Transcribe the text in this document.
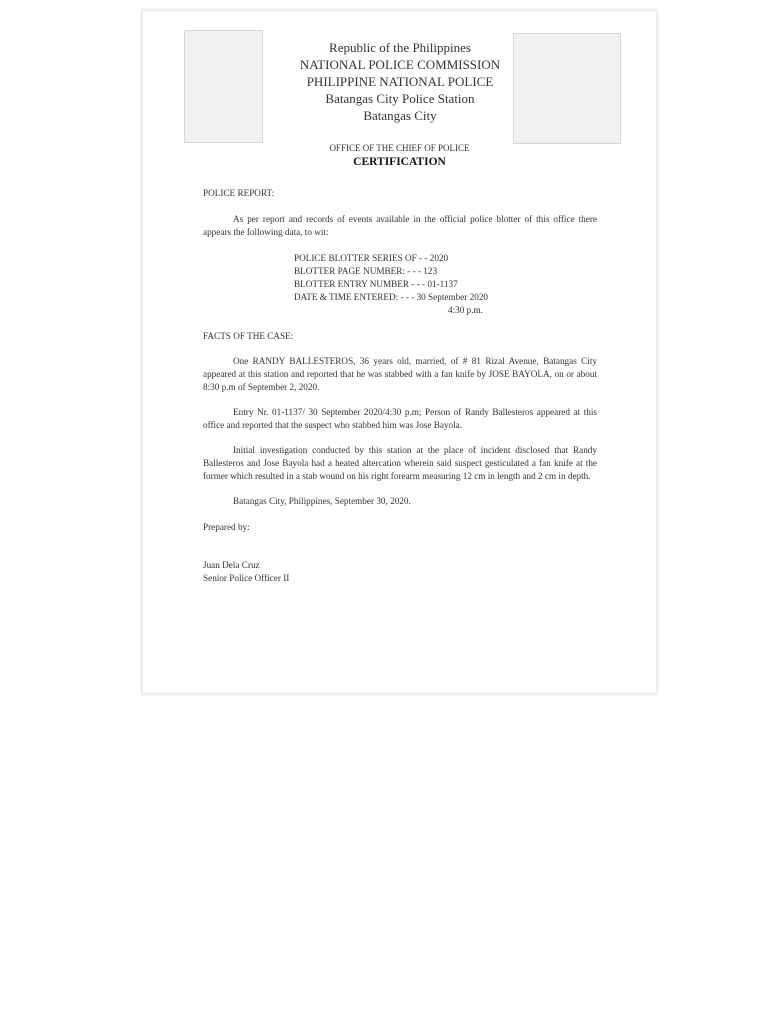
Republic of the Philippines
NATIONAL POLICE COMMISSION
PHILIPPINE NATIONAL POLICE
Batangas City Police Station
Batangas City
OFFICE OF THE CHIEF OF POLICE
CERTIFICATION

POLICE REPORT:

As per report and records of events available in the official police blotter of this office there appears the following data, to wit:

POLICE BLOTTER SERIES OF - - 2020
BLOTTER PAGE NUMBER: - - - 123
BLOTTER ENTRY NUMBER - - - 01-1137
DATE & TIME ENTERED: - - - 30 September 2020
4:30 p.m.

FACTS OF THE CASE:

One RANDY BALLESTEROS, 36 years old, married, of # 81 Rizal Avenue, Batangas City appeared at this station and reported that he was stabbed with a fan knife by JOSE BAYOLA, on or about 8:30 p.m of September 2, 2020.

Entry Nr. 01-1137/ 30 September 2020/4:30 p.m; Person of Randy Ballesteros appeared at this office and reported that the suspect who stabbed him was Jose Bayola.

Initial investigation conducted by this station at the place of incident disclosed that Randy Ballesteros and Jose Bayola had a heated altercation wherein said suspect gesticulated a fan knife at the former which resulted in a stab wound on his right forearm measuring 12 cm in length and 2 cm in depth.

Batangas City, Philippines, September 30, 2020.

Prepared by:

Juan Dela Cruz

Senior Police Officer II
